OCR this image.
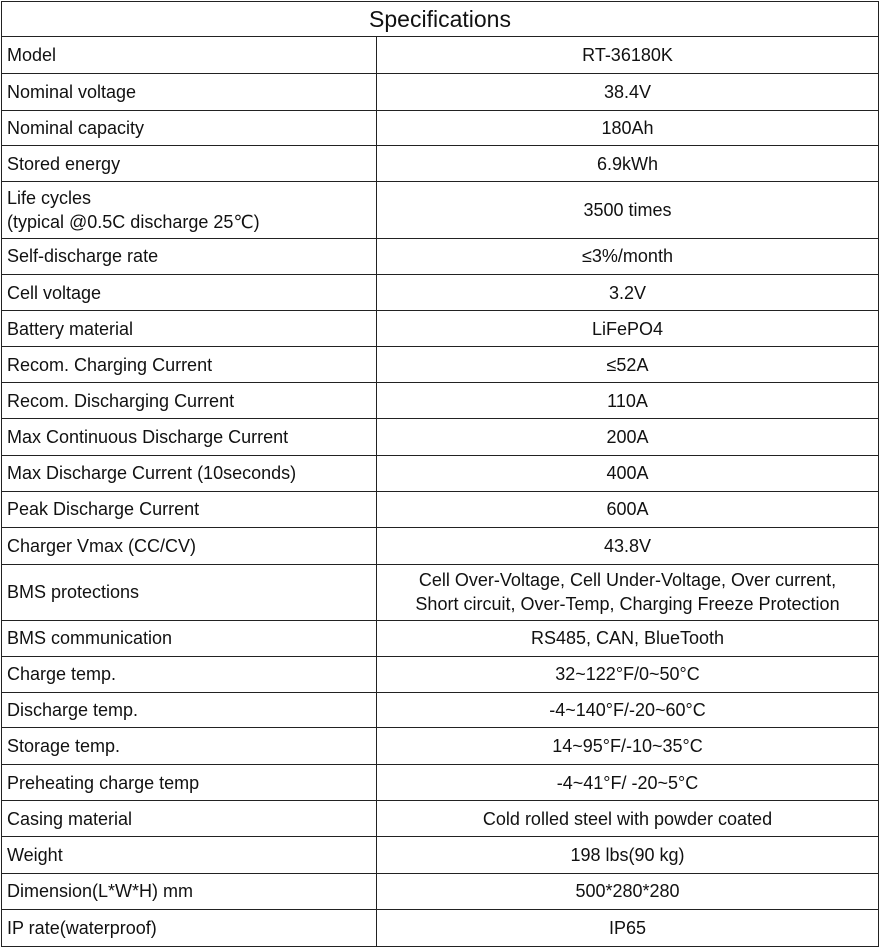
Specifications	

Model	RT-36180K

Nominal voltage	38.4V

Nominal capacity	180Ah

Stored energy	6.9kWh

Life cycles
(typical @0.5C discharge 25℃)	3500 times

Self-discharge rate	≤3%/month

Cell voltage	3.2V

Battery material	LiFePO4

Recom. Charging Current	≤52A

Recom. Discharging Current	110A

Max Continuous Discharge Current	200A

Max Discharge Current (10seconds)	400A

Peak Discharge Current	600A

Charger Vmax (CC/CV)	43.8V

BMS protections	Cell Over-Voltage, Cell Under-Voltage, Over current,
Short circuit, Over-Temp, Charging Freeze Protection

BMS communication	RS485, CAN, BlueTooth

Charge temp.	32~122°F/0~50°C

Discharge temp.	-4~140°F/-20~60°C

Storage temp.	14~95°F/-10~35°C

Preheating charge temp	-4~41°F/ -20~5°C

Casing material	Cold rolled steel with powder coated

Weight	198 lbs(90 kg)

Dimension(L*W*H) mm	500*280*280

IP rate(waterproof)	IP65
